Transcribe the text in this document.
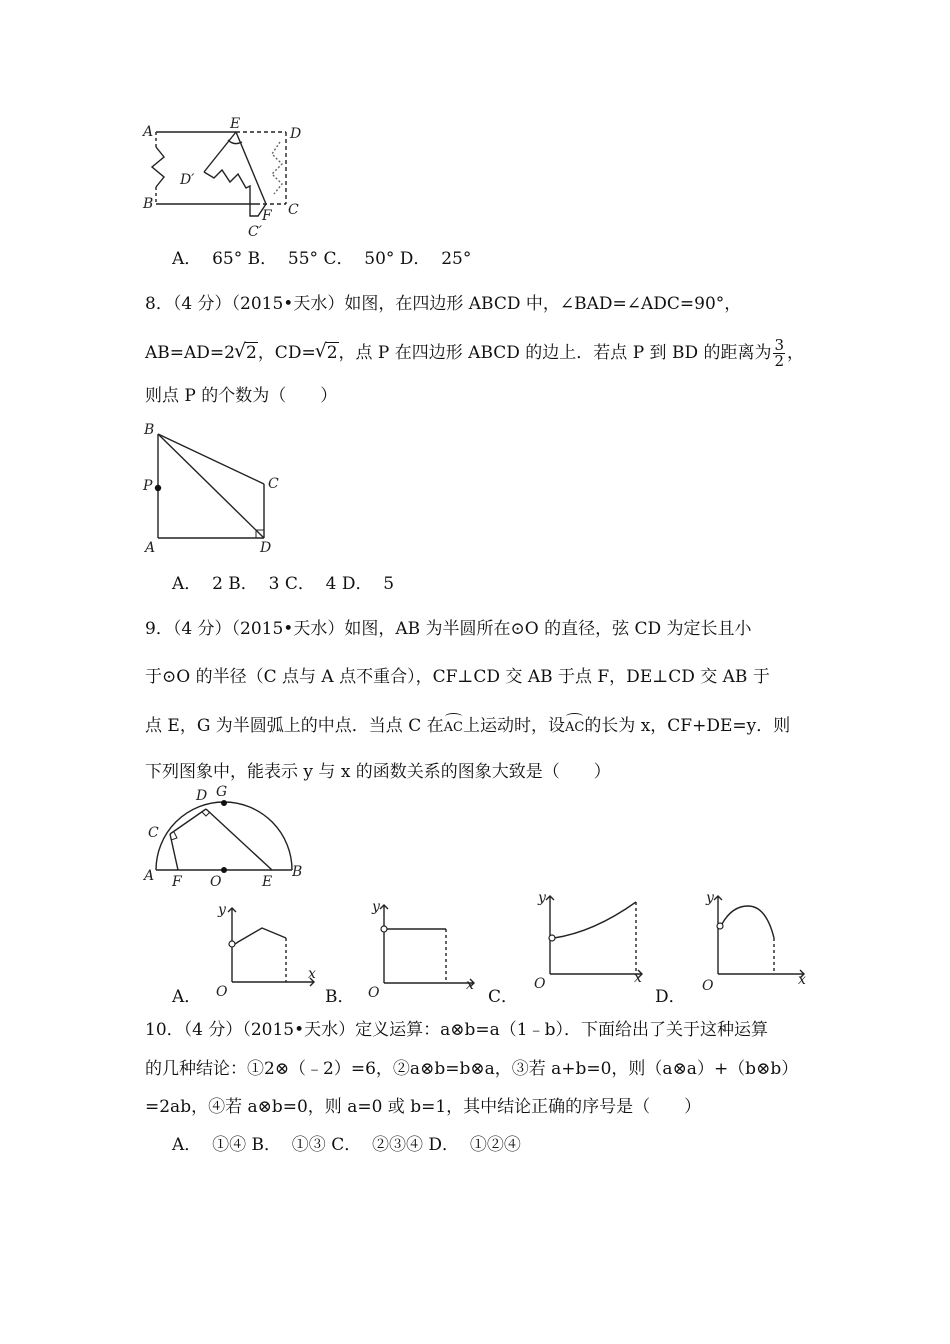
A	E
D
D′
B
F C
C′
A．  65° B．  55° C．  50° D．  25°
8．（4 分）（2015•天水）如图，在四边形 ABCD 中，∠BAD=∠ADC=90°，
AB=AD=2 √ 2，CD= √ 2，点 P 在四边形 ABCD 的边上．若点 P 到 BD 的距离为 $\frac{3}{2}$ ，
则点 P 的个数为（　　）
B
P	C
A	D
A．  2 B．  3 C．  4 D．  5
9．（4 分）（2015•天水）如图，AB 为半圆所在⊙O 的直径，弦 CD 为定长且小
于⊙O 的半径（C 点与 A 点不重合），CF⊥CD 交 AB 于点 F，DE⊥CD 交 AB 于
点 E，G 为半圆弧上的中点．当点 C 在AC上运动时，设AC的长为 x，CF+DE=y．则
下列图象中，能表示 y 与 x 的函数关系的图象大致是（　　）
D G
C
A F O	E
B
A．
y
x
O	B．
y
x
O	C．
y
x
O
D．
y
x
O
10．（4 分）（2015•天水）定义运算：a⊗b=a（1﹣b）．下面给出了关于这种运算
的几种结论：①2⊗（﹣2）=6，②a⊗b=b⊗a，③若 a+b=0，则（a⊗a）+（b⊗b）
=2ab，④若 a⊗b=0，则 a=0 或 b=1，其中结论正确的序号是（　　）
A．  ①④ B．  ①③ C．  ②③④ D．  ①②④
